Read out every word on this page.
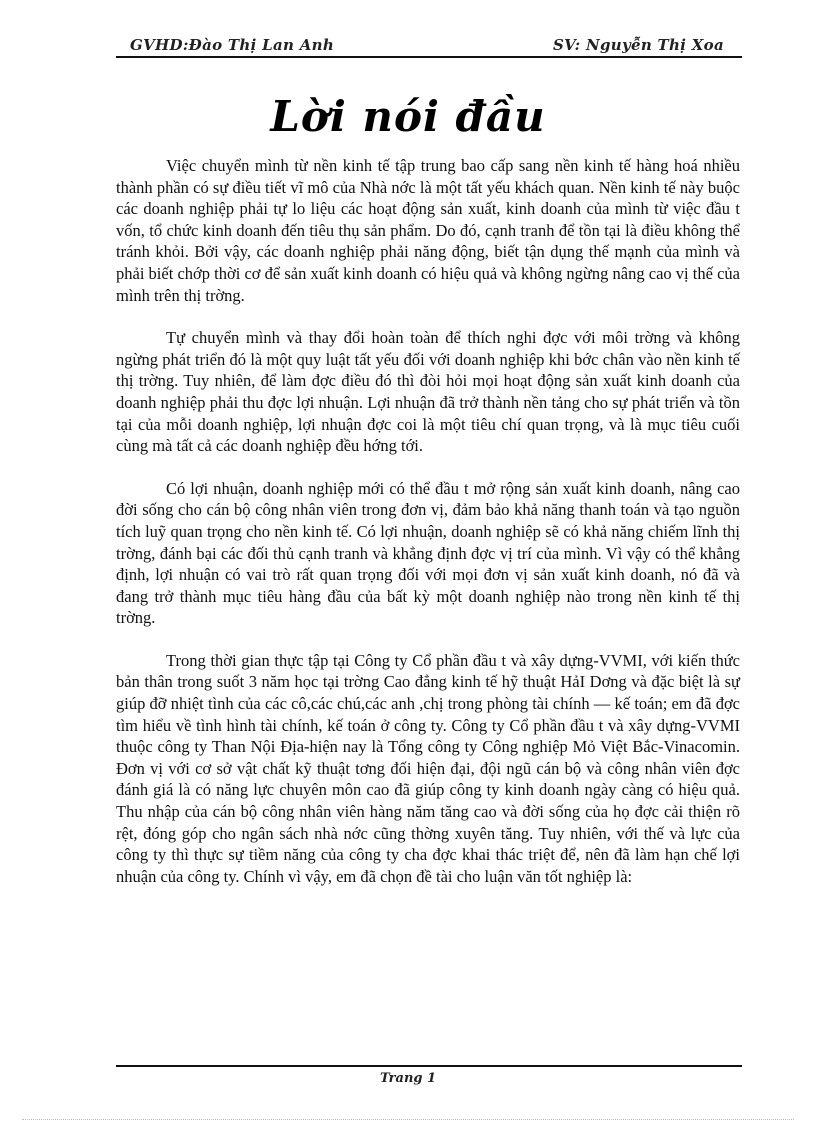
GVHD:Đào Thị Lan Anh	SV: Nguyễn Thị Xoa
Lời nói đầu

Việc chuyển mình từ nền kinh tế tập trung bao cấp sang nền kinh tế hàng hoá nhiều thành phần có sự điều tiết vĩ mô của Nhà nớc là một tất yếu khách quan. Nền kinh tế này buộc các doanh nghiệp phải tự lo liệu các hoạt động sản xuất, kinh doanh của mình từ việc đầu t vốn, tổ chức kinh doanh đến tiêu thụ sản phẩm. Do đó, cạnh tranh để tồn tại là điều không thể tránh khỏi. Bởi vậy, các doanh nghiệp phải năng động, biết tận dụng thế mạnh của mình và phải biết chớp thời cơ để sản xuất kinh doanh có hiệu quả và không ngừng nâng cao vị thế của mình trên thị trờng.

Tự chuyển mình và thay đổi hoàn toàn để thích nghi đợc với môi trờng và không ngừng phát triển đó là một quy luật tất yếu đối với doanh nghiệp khi bớc chân vào nền kinh tế thị trờng. Tuy nhiên, để làm đợc điều đó thì đòi hỏi mọi hoạt động sản xuất kinh doanh của doanh nghiệp phải thu đợc lợi nhuận. Lợi nhuận đã trở thành nền tảng cho sự phát triển và tồn tại của mỗi doanh nghiệp, lợi nhuận đợc coi là một tiêu chí quan trọng, và là mục tiêu cuối cùng mà tất cả các doanh nghiệp đều hớng tới.

Có lợi nhuận, doanh nghiệp mới có thể đầu t mở rộng sản xuất kinh doanh, nâng cao đời sống cho cán bộ công nhân viên trong đơn vị, đảm bảo khả năng thanh toán và tạo nguồn tích luỹ quan trọng cho nền kinh tế. Có lợi nhuận, doanh nghiệp sẽ có khả năng chiếm lĩnh thị trờng, đánh bại các đối thủ cạnh tranh và khẳng định đợc vị trí của mình. Vì vậy có thể khẳng định, lợi nhuận có vai trò rất quan trọng đối với mọi đơn vị sản xuất kinh doanh, nó đã và đang trở thành mục tiêu hàng đầu của bất kỳ một doanh nghiệp nào trong nền kinh tế thị trờng.

Trong thời gian thực tập tại Công ty Cổ phần đầu t và xây dựng-VVMI, với kiến thức bản thân trong suốt 3 năm học tại trờng Cao đẳng kinh tế hỹ thuật HảI Dơng và đặc biệt là sự giúp đỡ nhiệt tình của các cô,các chú,các anh ,chị trong phòng tài chính — kế toán; em đã đợc tìm hiểu về tình hình tài chính, kế toán ở công ty. Công ty Cổ phần đầu t và xây dựng-VVMI thuộc công ty Than Nội Địa-hiện nay là Tổng công ty Công nghiệp Mỏ Việt Bắc-Vinacomin. Đơn vị với cơ sở vật chất kỹ thuật tơng đối hiện đại, đội ngũ cán bộ và công nhân viên đợc đánh giá là có năng lực chuyên môn cao đã giúp công ty kinh doanh ngày càng có hiệu quả. Thu nhập của cán bộ công nhân viên hàng năm tăng cao và đời sống của họ đợc cải thiện rõ rệt, đóng góp cho ngân sách nhà nớc cũng thờng xuyên tăng. Tuy nhiên, với thế và lực của công ty thì thực sự tiềm năng của công ty cha đợc khai thác triệt để, nên đã làm hạn chế lợi nhuận của công ty. Chính vì vậy, em đã chọn đề tài cho luận văn tốt nghiệp là:

Trang 1
